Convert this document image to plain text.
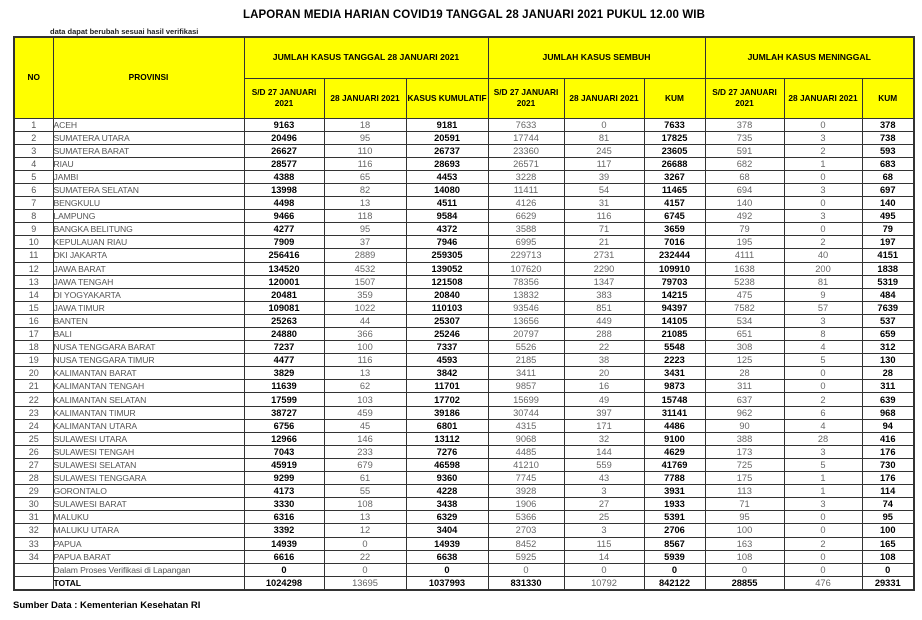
LAPORAN MEDIA HARIAN COVID19 TANGGAL 28 JANUARI 2021 PUKUL 12.00 WIB
data dapat berubah sesuai hasil verifikasi
NO	PROVINSI	JUMLAH KASUS TANGGAL 28 JANUARI 2021			JUMLAH KASUS SEMBUH			JUMLAH KASUS MENINGGAL		
		S/D 27 JANUARI 2021	28 JANUARI 2021	KASUS KUMULATIF	S/D 27 JANUARI 2021	28 JANUARI 2021	KUM	S/D 27 JANUARI 2021	28 JANUARI 2021	KUM
1	ACEH	9163	18	9181	7633	0	7633	378	0	378
2	SUMATERA UTARA	20496	95	20591	17744	81	17825	735	3	738
3	SUMATERA BARAT	26627	110	26737	23360	245	23605	591	2	593
4	RIAU	28577	116	28693	26571	117	26688	682	1	683
5	JAMBI	4388	65	4453	3228	39	3267	68	0	68
6	SUMATERA SELATAN	13998	82	14080	11411	54	11465	694	3	697
7	BENGKULU	4498	13	4511	4126	31	4157	140	0	140
8	LAMPUNG	9466	118	9584	6629	116	6745	492	3	495
9	BANGKA BELITUNG	4277	95	4372	3588	71	3659	79	0	79
10	KEPULAUAN RIAU	7909	37	7946	6995	21	7016	195	2	197
11	DKI JAKARTA	256416	2889	259305	229713	2731	232444	4111	40	4151
12	JAWA BARAT	134520	4532	139052	107620	2290	109910	1638	200	1838
13	JAWA TENGAH	120001	1507	121508	78356	1347	79703	5238	81	5319
14	DI YOGYAKARTA	20481	359	20840	13832	383	14215	475	9	484
15	JAWA TIMUR	109081	1022	110103	93546	851	94397	7582	57	7639
16	BANTEN	25263	44	25307	13656	449	14105	534	3	537
17	BALI	24880	366	25246	20797	288	21085	651	8	659
18	NUSA TENGGARA BARAT	7237	100	7337	5526	22	5548	308	4	312
19	NUSA TENGGARA TIMUR	4477	116	4593	2185	38	2223	125	5	130
20	KALIMANTAN BARAT	3829	13	3842	3411	20	3431	28	0	28
21	KALIMANTAN TENGAH	11639	62	11701	9857	16	9873	311	0	311
22	KALIMANTAN SELATAN	17599	103	17702	15699	49	15748	637	2	639
23	KALIMANTAN TIMUR	38727	459	39186	30744	397	31141	962	6	968
24	KALIMANTAN UTARA	6756	45	6801	4315	171	4486	90	4	94
25	SULAWESI UTARA	12966	146	13112	9068	32	9100	388	28	416
26	SULAWESI TENGAH	7043	233	7276	4485	144	4629	173	3	176
27	SULAWESI SELATAN	45919	679	46598	41210	559	41769	725	5	730
28	SULAWESI TENGGARA	9299	61	9360	7745	43	7788	175	1	176
29	GORONTALO	4173	55	4228	3928	3	3931	113	1	114
30	SULAWESI BARAT	3330	108	3438	1906	27	1933	71	3	74
31	MALUKU	6316	13	6329	5366	25	5391	95	0	95
32	MALUKU UTARA	3392	12	3404	2703	3	2706	100	0	100
33	PAPUA	14939	0	14939	8452	115	8567	163	2	165
34	PAPUA BARAT	6616	22	6638	5925	14	5939	108	0	108
	Dalam Proses Verifikasi di Lapangan	0	0	0	0	0	0	0	0	0
	TOTAL	1024298	13695	1037993	831330	10792	842122	28855	476	29331
Sumber Data : Kementerian Kesehatan RI
